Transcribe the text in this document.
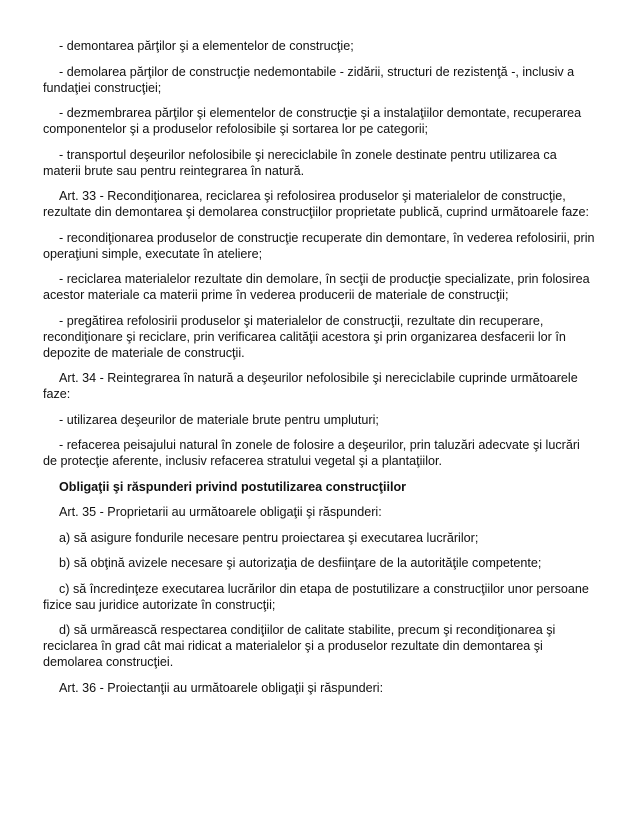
- demontarea părţilor şi a elementelor de construcţie;

- demolarea părţilor de construcţie nedemontabile - zidării, structuri de rezistenţă -, inclusiv a fundaţiei construcţiei;

- dezmembrarea părţilor şi elementelor de construcţie şi a instalaţiilor demontate, recuperarea componentelor şi a produselor refolosibile şi sortarea lor pe categorii;

- transportul deşeurilor nefolosibile şi nereciclabile în zonele destinate pentru utilizarea ca materii brute sau pentru reintegrarea în natură.

Art. 33 - Recondiţionarea, reciclarea şi refolosirea produselor şi materialelor de construcţie, rezultate din demontarea şi demolarea construcţiilor proprietate publică, cuprind următoarele faze:

- recondiţionarea produselor de construcţie recuperate din demontare, în vederea refolosirii, prin operaţiuni simple, executate în ateliere;

- reciclarea materialelor rezultate din demolare, în secţii de producţie specializate, prin folosirea acestor materiale ca materii prime în vederea producerii de materiale de construcţii;

- pregătirea refolosirii produselor şi materialelor de construcţii, rezultate din recuperare, recondiţionare şi reciclare, prin verificarea calităţii acestora şi prin organizarea desfacerii lor în depozite de materiale de construcţii.

Art. 34 - Reintegrarea în natură a deşeurilor nefolosibile şi nereciclabile cuprinde următoarele faze:

- utilizarea deşeurilor de materiale brute pentru umpluturi;

- refacerea peisajului natural în zonele de folosire a deşeurilor, prin taluzări adecvate şi lucrări de protecţie aferente, inclusiv refacerea stratului vegetal şi a plantaţiilor.

Obligaţii şi răspunderi privind postutilizarea construcţiilor

Art. 35 - Proprietarii au următoarele obligaţii şi răspunderi:

a) să asigure fondurile necesare pentru proiectarea şi executarea lucrărilor;

b) să obţină avizele necesare şi autorizaţia de desfiinţare de la autorităţile competente;

c) să încredinţeze executarea lucrărilor din etapa de postutilizare a construcţiilor unor persoane fizice sau juridice autorizate în construcţii;

d) să urmărească respectarea condiţiilor de calitate stabilite, precum şi recondiţionarea şi reciclarea în grad cât mai ridicat a materialelor şi a produselor rezultate din demontarea şi demolarea construcţiei.

Art. 36 - Proiectanţii au următoarele obligaţii şi răspunderi:
